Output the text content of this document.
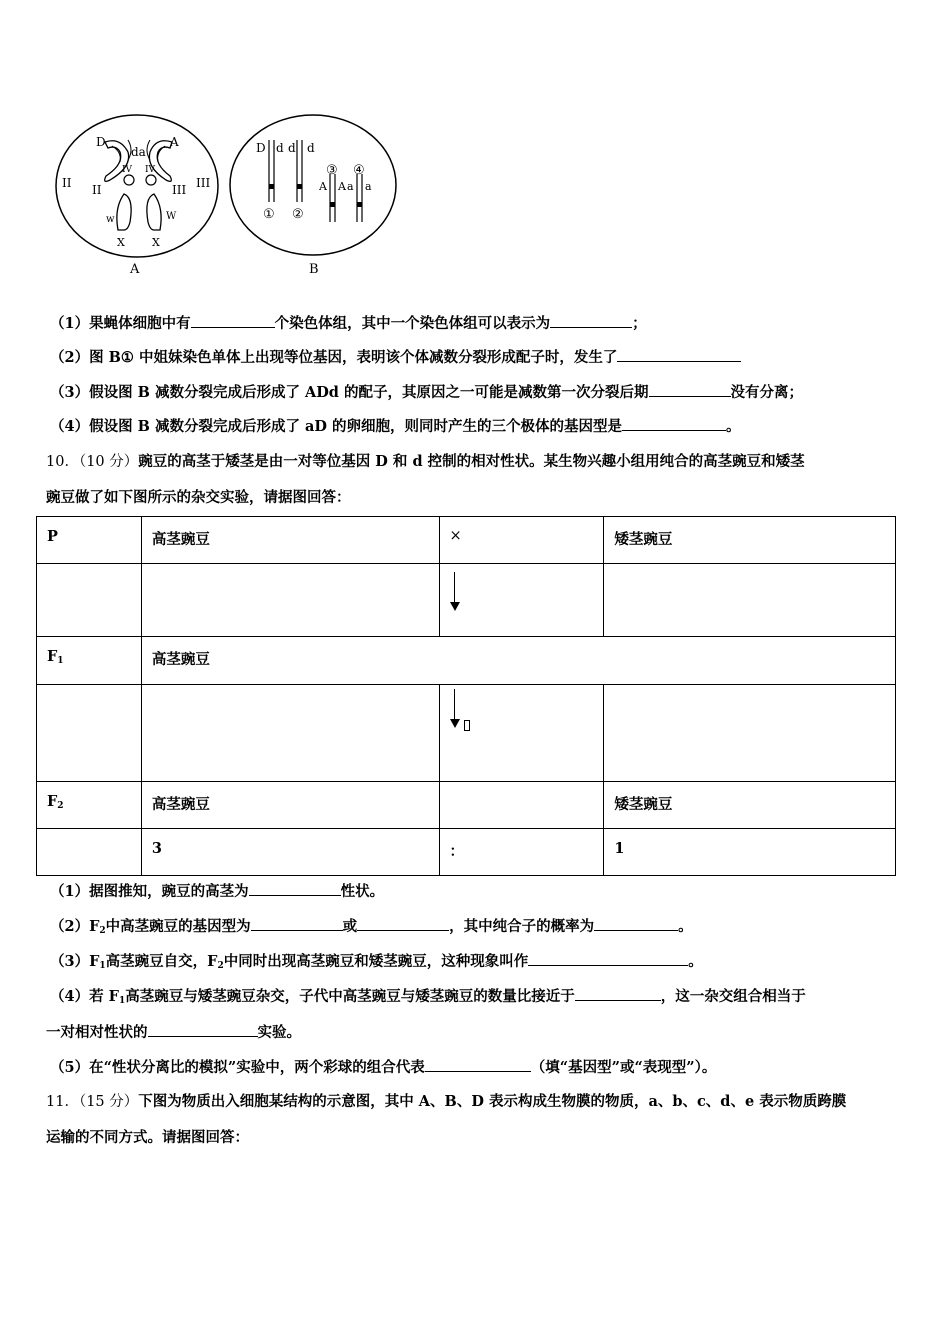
D	A
da
II II	III III
IV IV
w	W
X X
A
D d d d
A A a a
③ ④
① ②
B
（1）果蝇体细胞中有	个染色体组，其中一个染色体组可以表示为	；
（2）图 B① 中姐妹染色单体上出现等位基因，表明该个体减数分裂形成配子时，发生了
（3）假设图 B 减数分裂完成后形成了 ADd 的配子，其原因之一可能是减数第一次分裂后期	没有分离；
（4）假设图 B 减数分裂完成后形成了 aD 的卵细胞，则同时产生的三个极体的基因型是	。
10．（10 分）豌豆的高茎于矮茎是由一对等位基因 D 和 d 控制的相对性状。某生物兴趣小组用纯合的高茎豌豆和矮茎
豌豆做了如下图所示的杂交实验，请据图回答：
P	高茎豌豆	×	矮茎豌豆

$F_1$	高茎豌豆		

$F_2$	高茎豌豆		矮茎豌豆

	3	：	1
（1）据图推知，豌豆的高茎为	性状。
$(2)F_2$中高茎豌豆的基因型为	或	，其中纯合子的概率为	。
$(3)F_1$高茎豌豆自交，$F_2$中同时出现高茎豌豆和矮茎豌豆，这种现象叫作	。
（4）若 $F_1$高茎豌豆与矮茎豌豆杂交，子代中高茎豌豆与矮茎豌豆的数量比接近于	，这一杂交组合相当于
一对相对性状的	实验。
（5）在“性状分离比的模拟”实验中，两个彩球的组合代表	（填“基因型”或“表现型”）。
11．（15 分）下图为物质出入细胞某结构的示意图，其中 A、B、D 表示构成生物膜的物质，a、b、c、d、e 表示物质跨膜
运输的不同方式。请据图回答：
